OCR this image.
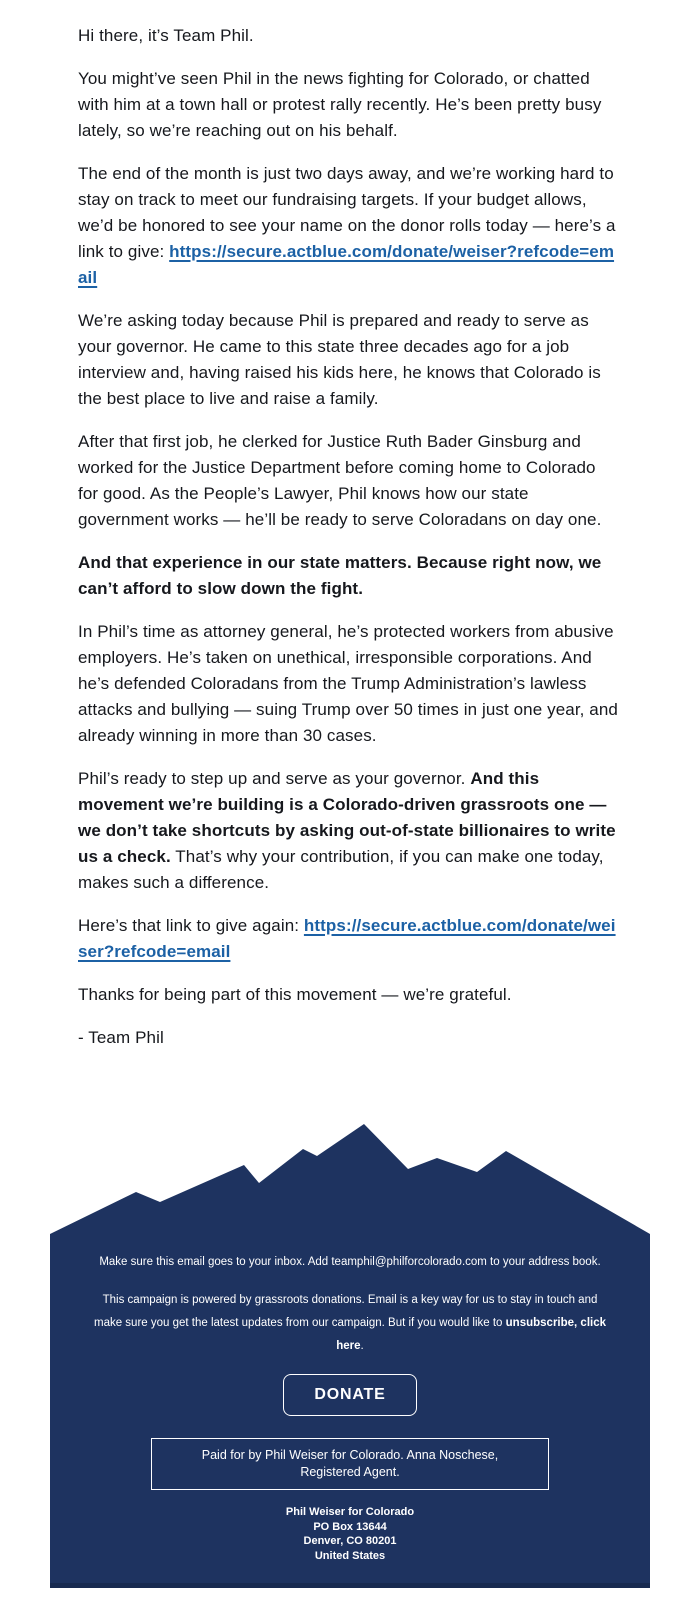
Hi there, it’s Team Phil.

You might’ve seen Phil in the news fighting for Colorado, or chatted with him at a town hall or protest rally recently. He’s been pretty busy lately, so we’re reaching out on his behalf.

The end of the month is just two days away, and we’re working hard to stay on track to meet our fundraising targets. If your budget allows, we’d be honored to see your name on the donor rolls today — here’s a link to give: https://secure.actblue.com/donate/weiser?refcode=email

We’re asking today because Phil is prepared and ready to serve as your governor. He came to this state three decades ago for a job interview and, having raised his kids here, he knows that Colorado is the best place to live and raise a family.

After that first job, he clerked for Justice Ruth Bader Ginsburg and worked for the Justice Department before coming home to Colorado for good. As the People’s Lawyer, Phil knows how our state government works — he’ll be ready to serve Coloradans on day one.

And that experience in our state matters. Because right now, we can’t afford to slow down the fight.

In Phil’s time as attorney general, he’s protected workers from abusive employers. He’s taken on unethical, irresponsible corporations. And he’s defended Coloradans from the Trump Administration’s lawless attacks and bullying — suing Trump over 50 times in just one year, and already winning in more than 30 cases.

Phil’s ready to step up and serve as your governor. And this movement we’re building is a Colorado-driven grassroots one — we don’t take shortcuts by asking out-of-state billionaires to write us a check. That’s why your contribution, if you can make one today, makes such a difference.

Here’s that link to give again: https://secure.actblue.com/donate/weiser?refcode=email

Thanks for being part of this movement — we’re grateful.

- Team Phil

Make sure this email goes to your inbox. Add teamphil@philforcolorado.com to your address book.

This campaign is powered by grassroots donations. Email is a key way for us to stay in touch and make sure you get the latest updates from our campaign. But if you would like to unsubscribe, click here.

DONATE
Paid for by Phil Weiser for Colorado. Anna Noschese, Registered Agent.
Phil Weiser for Colorado
PO Box 13644
Denver, CO 80201
United States
